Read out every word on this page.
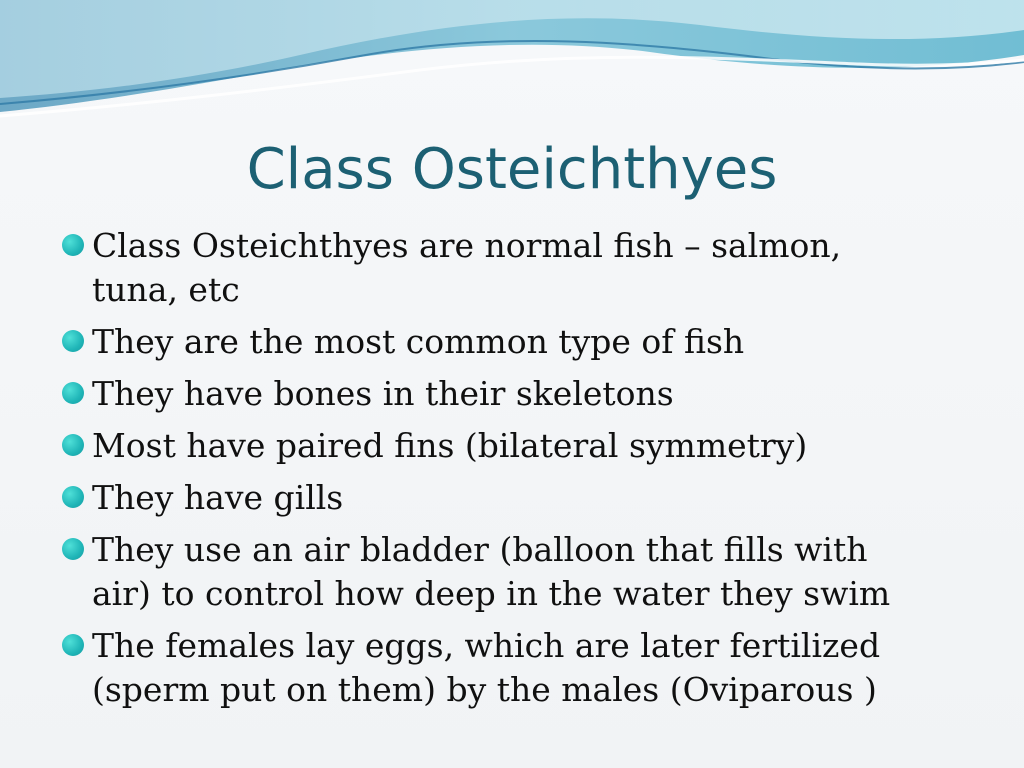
Class Osteichthyes
Class Osteichthyes are normal fish – salmon,
tuna, etc
They are the most common type of fish
They have bones in their skeletons
Most have paired fins (bilateral symmetry)
They have gills
They use an air bladder (balloon that fills with
air) to control how deep in the water they swim
The females lay eggs, which are later fertilized
(sperm put on them) by the males (Oviparous )
